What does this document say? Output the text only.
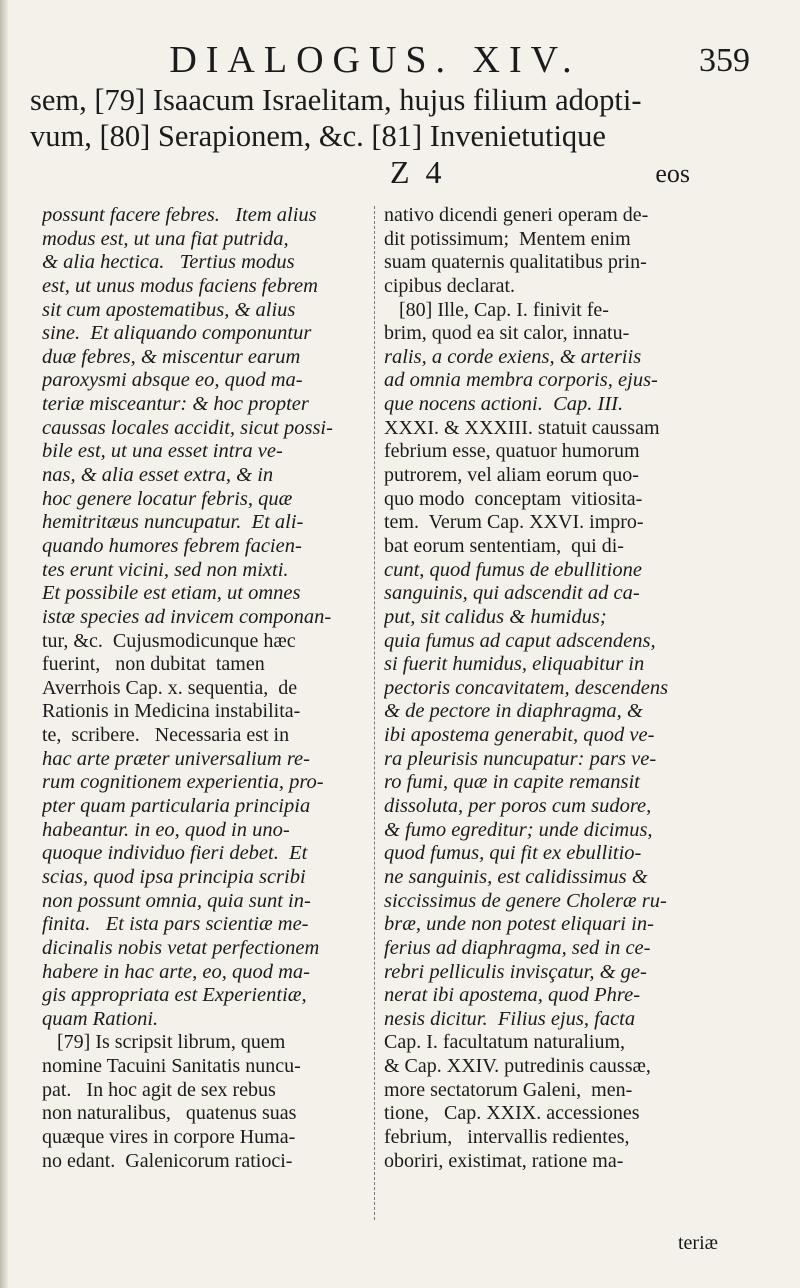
DIALOGUS. XIV.	359
sem, [79] Isaacum Israelitam, hujus filium adopti-
vum, [80] Serapionem, &c. [81] Invenietutique
Z 4	eos
possunt facere febres.   Item alius
modus est, ut una fiat putrida,
& alia hectica.   Tertius modus
est, ut unus modus faciens febrem
sit cum apostematibus, & alius
sine.  Et aliquando componuntur
duæ febres, & miscentur earum
paroxysmi absque eo, quod ma-
teriæ misceantur: & hoc propter
caussas locales accidit, sicut possi-
bile est, ut una esset intra ve-
nas, & alia esset extra, & in
hoc genere locatur febris, quæ
hemitritæus nuncupatur.  Et ali-
quando humores febrem facien-
tes erunt vicini, sed non mixti.
Et possibile est etiam, ut omnes
istæ species ad invicem componan-
tur, &c.  Cujusmodicunque hæc
fuerint,   non dubitat  tamen
Averrhois Cap. x. sequentia,  de
Rationis in Medicina instabilita-
te,  scribere.   Necessaria est in
hac arte præter universalium re-
rum cognitionem experientia, pro-
pter quam particularia principia
habeantur. in eo, quod in uno-
quoque individuo fieri debet.  Et
scias, quod ipsa principia scribi
non possunt omnia, quia sunt in-
finita.   Et ista pars scientiæ me-
dicinalis nobis vetat perfectionem
habere in hac arte, eo, quod ma-
gis appropriata est Experientiæ,
quam Rationi.
[79] Is scripsit librum, quem
nomine Tacuini Sanitatis nuncu-
pat.   In hoc agit de sex rebus
non naturalibus,   quatenus suas
quæque vires in corpore Huma-
no edant.  Galenicorum ratioci-
nativo dicendi generi operam de-
dit potissimum;  Mentem enim
suam quaternis qualitatibus prin-
cipibus declarat.
[80] Ille, Cap. I. finivit fe-
brim, quod ea sit calor, innatu-
ralis, a corde exiens, & arteriis
ad omnia membra corporis, ejus-
que nocens actioni.  Cap. III.
XXXI. & XXXIII. statuit caussam
febrium esse, quatuor humorum
putrorem, vel aliam eorum quo-
quo modo  conceptam  vitiosita-
tem.  Verum Cap. XXVI. impro-
bat eorum sententiam,  qui di-
cunt, quod fumus de ebullitione
sanguinis, qui adscendit ad ca-
put, sit calidus & humidus;
quia fumus ad caput adscendens,
si fuerit humidus, eliquabitur in
pectoris concavitatem, descendens
& de pectore in diaphragma, &
ibi apostema generabit, quod ve-
ra pleurisis nuncupatur: pars ve-
ro fumi, quæ in capite remansit
dissoluta, per poros cum sudore,
& fumo egreditur; unde dicimus,
quod fumus, qui fit ex ebullitio-
ne sanguinis, est calidissimus &
siccissimus de genere Choleræ ru-
bræ, unde non potest eliquari in-
ferius ad diaphragma, sed in ce-
rebri pelliculis invisçatur, & ge-
nerat ibi apostema, quod Phre-
nesis dicitur.  Filius ejus, facta
Cap. I. facultatum naturalium,
& Cap. XXIV. putredinis caussæ,
more sectatorum Galeni,  men-
tione,   Cap. XXIX. accessiones
febrium,   intervallis redientes,
oboriri, existimat, ratione ma-
teriæ
